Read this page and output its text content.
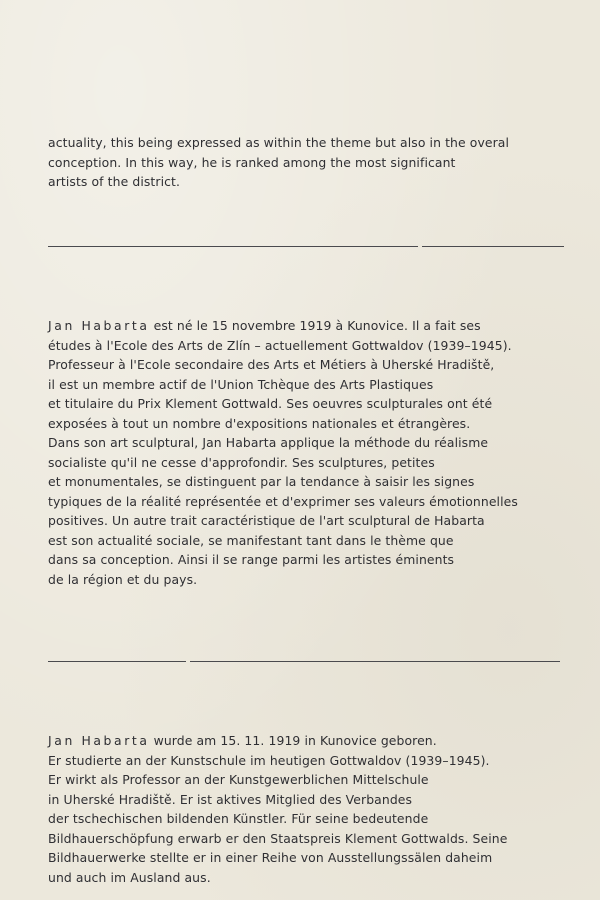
actuality, this being expressed as within the theme but also in the overal
conception. In this way, he is ranked among the most significant
artists of the district.

Jan Habarta est né le 15 novembre 1919 à Kunovice. Il a fait ses
études à l'Ecole des Arts de Zlín – actuellement Gottwaldov (1939–1945).
Professeur à l'Ecole secondaire des Arts et Métiers à Uherské Hradiště,
il est un membre actif de l'Union Tchèque des Arts Plastiques
et titulaire du Prix Klement Gottwald. Ses oeuvres sculpturales ont été
exposées à tout un nombre d'expositions nationales et étrangères.
Dans son art sculptural, Jan Habarta applique la méthode du réalisme
socialiste qu'il ne cesse d'approfondir. Ses sculptures, petites
et monumentales, se distinguent par la tendance à saisir les signes
typiques de la réalité représentée et d'exprimer ses valeurs émotionnelles
positives. Un autre trait caractéristique de l'art sculptural de Habarta
est son actualité sociale, se manifestant tant dans le thème que
dans sa conception. Ainsi il se range parmi les artistes éminents
de la région et du pays.

Jan Habarta wurde am 15. 11. 1919 in Kunovice geboren.
Er studierte an der Kunstschule im heutigen Gottwaldov (1939–1945).
Er wirkt als Professor an der Kunstgewerblichen Mittelschule
in Uherské Hradiště. Er ist aktives Mitglied des Verbandes
der tschechischen bildenden Künstler. Für seine bedeutende
Bildhauerschöpfung erwarb er den Staatspreis Klement Gottwalds. Seine
Bildhauerwerke stellte er in einer Reihe von Ausstellungssälen daheim
und auch im Ausland aus.
